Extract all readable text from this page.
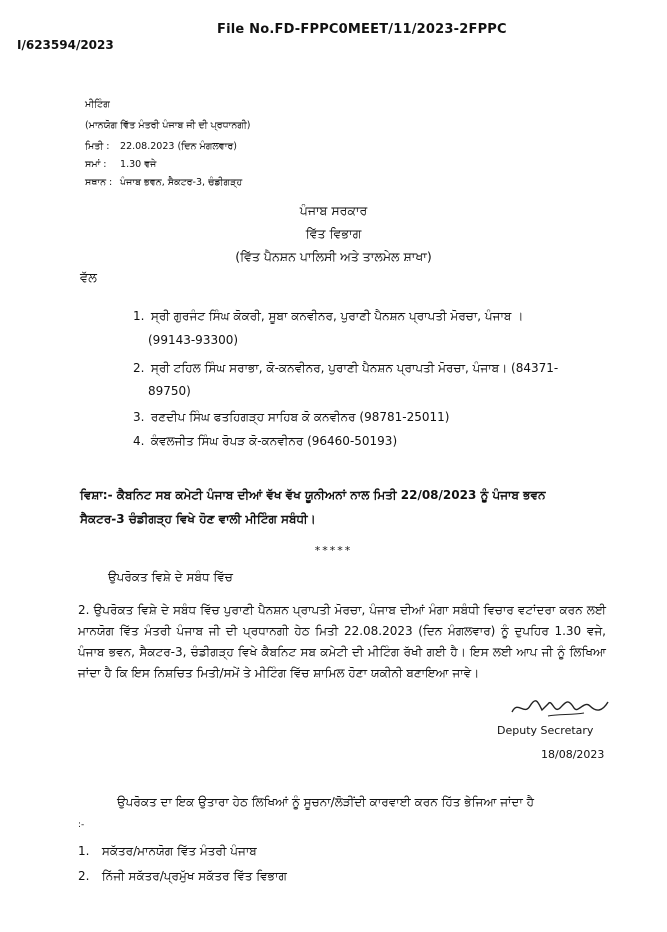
File No.FD-FPPC0MEET/11/2023-2FPPC
I/623594/2023
ਮੀਟਿੰਗ
(ਮਾਨਯੋਗ ਵਿੱਤ ਮੰਤਰੀ ਪੰਜਾਬ ਜੀ ਦੀ ਪ੍ਰਧਾਨਗੀ)
ਮਿਤੀ : 22.08.2023 (ਦਿਨ ਮੰਗਲਵਾਰ)
ਸਮਾਂ : 1.30 ਵਜੇ
ਸਥਾਨ : ਪੰਜਾਬ ਭਵਨ, ਸੈਕਟਰ-3, ਚੰਡੀਗੜ੍ਹ
ਪੰਜਾਬ ਸਰਕਾਰ
ਵਿੱਤ ਵਿਭਾਗ
(ਵਿੱਤ ਪੈਨਸ਼ਨ ਪਾਲਿਸੀ ਅਤੇ ਤਾਲਮੇਲ ਸ਼ਾਖਾ)
ਵੱਲ
1. ਸ੍ਰੀ ਗੁਰਜੰਟ ਸਿੰਘ ਕੋਕਰੀ, ਸੂਬਾ ਕਨਵੀਨਰ, ਪੁਰਾਣੀ ਪੈਨਸ਼ਨ ਪ੍ਰਾਪਤੀ ਮੋਰਚਾ, ਪੰਜਾਬ ।
(99143-93300)
2. ਸ੍ਰੀ ਟਹਿਲ ਸਿੰਘ ਸਰਾਭਾ, ਕੋ-ਕਨਵੀਨਰ, ਪੁਰਾਣੀ ਪੈਨਸ਼ਨ ਪ੍ਰਾਪਤੀ ਮੋਰਚਾ, ਪੰਜਾਬ। (84371-
89750)
3. ਰਣਦੀਪ ਸਿੰਘ ਫਤਹਿਗੜ੍ਹ ਸਾਹਿਬ ਕੋ ਕਨਵੀਨਰ (98781-25011)
4. ਕੰਵਲਜੀਤ ਸਿੰਘ ਰੋਪੜ ਕੋ-ਕਨਵੀਨਰ (96460-50193)
ਵਿਸ਼ਾ:- ਕੈਬਨਿਟ ਸਬ ਕਮੇਟੀ ਪੰਜਾਬ ਦੀਆਂ ਵੱਖ ਵੱਖ ਯੂਨੀਅਨਾਂ ਨਾਲ ਮਿਤੀ 22/08/2023 ਨੂੰ ਪੰਜਾਬ ਭਵਨ
ਸੈਕਟਰ-3 ਚੰਡੀਗੜ੍ਹ ਵਿਖੇ ਹੋਣ ਵਾਲੀ ਮੀਟਿੰਗ ਸਬੰਧੀ।
*****
ਉਪਰੋਕਤ ਵਿਸ਼ੇ ਦੇ ਸਬੰਧ ਵਿੱਚ
2. ਉਪਰੋਕਤ ਵਿਸ਼ੇ ਦੇ ਸਬੰਧ ਵਿੱਚ ਪੁਰਾਣੀ ਪੈਨਸ਼ਨ ਪ੍ਰਾਪਤੀ ਮੋਰਚਾ, ਪੰਜਾਬ ਦੀਆਂ ਮੰਗਾ ਸਬੰਧੀ ਵਿਚਾਰ ਵਟਾਂਦਰਾ ਕਰਨ ਲਈ ਮਾਨਯੋਗ ਵਿੱਤ ਮੰਤਰੀ ਪੰਜਾਬ ਜੀ ਦੀ ਪ੍ਰਧਾਨਗੀ ਹੇਠ ਮਿਤੀ 22.08.2023 (ਦਿਨ ਮੰਗਲਵਾਰ) ਨੂੰ ਦੁਪਹਿਰ 1.30 ਵਜੇ, ਪੰਜਾਬ ਭਵਨ, ਸੈਕਟਰ-3, ਚੰਡੀਗੜ੍ਹ ਵਿਖੇ ਕੈਬਨਿਟ ਸਬ ਕਮੇਟੀ ਦੀ ਮੀਟਿੰਗ ਰੱਖੀ ਗਈ ਹੈ। ਇਸ ਲਈ ਆਪ ਜੀ ਨੂੰ ਲਿਖਿਆ ਜਾਂਦਾ ਹੈ ਕਿ ਇਸ ਨਿਸ਼ਚਿਤ ਮਿਤੀ/ਸਮੇਂ ਤੇ ਮੀਟਿੰਗ ਵਿੱਚ ਸ਼ਾਮਿਲ ਹੋਣਾ ਯਕੀਨੀ ਬਣਾਇਆ ਜਾਵੇ।
Deputy Secretary
18/08/2023
ਉਪਰੋਕਤ ਦਾ ਇਕ ਉਤਾਰਾ ਹੇਠ ਲਿਖਿਆਂ ਨੂੰ ਸੂਚਨਾ/ਲੋੜੀਂਦੀ ਕਾਰਵਾਈ ਕਰਨ ਹਿੱਤ ਭੇਜਿਆ ਜਾਂਦਾ ਹੈ
:-
1. ਸਕੱਤਰ/ਮਾਨਯੋਗ ਵਿੱਤ ਮੰਤਰੀ ਪੰਜਾਬ
2. ਨਿੱਜੀ ਸਕੱਤਰ/ਪ੍ਰਮੁੱਖ ਸਕੱਤਰ ਵਿੱਤ ਵਿਭਾਗ
